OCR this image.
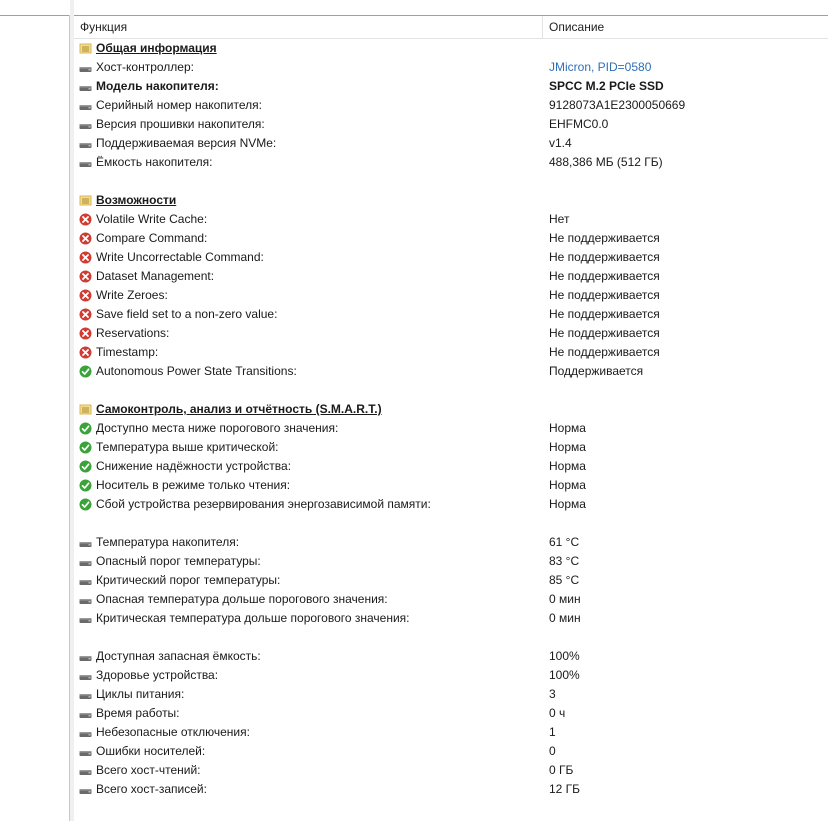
Функция	Описание
Общая информация
Хост-контроллер:	JMicron, PID=0580
Модель накопителя:	SPCC M.2 PCIe SSD
Серийный номер накопителя:	9128073A1E2300050669
Версия прошивки накопителя:	EHFMC0.0
Поддерживаемая версия NVMe:	v1.4
Ёмкость накопителя:	488,386 МБ (512 ГБ)
Возможности
Volatile Write Cache:	Нет
Compare Command:	Не поддерживается
Write Uncorrectable Command:	Не поддерживается
Dataset Management:	Не поддерживается
Write Zeroes:	Не поддерживается
Save field set to a non-zero value:	Не поддерживается
Reservations:	Не поддерживается
Timestamp:	Не поддерживается
Autonomous Power State Transitions:	Поддерживается
Самоконтроль, анализ и отчётность (S.M.A.R.T.)
Доступно места ниже порогового значения:	Норма
Температура выше критической:	Норма
Снижение надёжности устройства:	Норма
Носитель в режиме только чтения:	Норма
Сбой устройства резервирования энергозависимой памяти:	Норма
Температура накопителя:	61 °C
Опасный порог температуры:	83 °C
Критический порог температуры:	85 °C
Опасная температура дольше порогового значения:	0 мин
Критическая температура дольше порогового значения:	0 мин
Доступная запасная ёмкость:	100%
Здоровье устройства:	100%
Циклы питания:	3
Время работы:	0 ч
Небезопасные отключения:	1
Ошибки носителей:	0
Всего хост-чтений:	0 ГБ
Всего хост-записей:	12 ГБ
